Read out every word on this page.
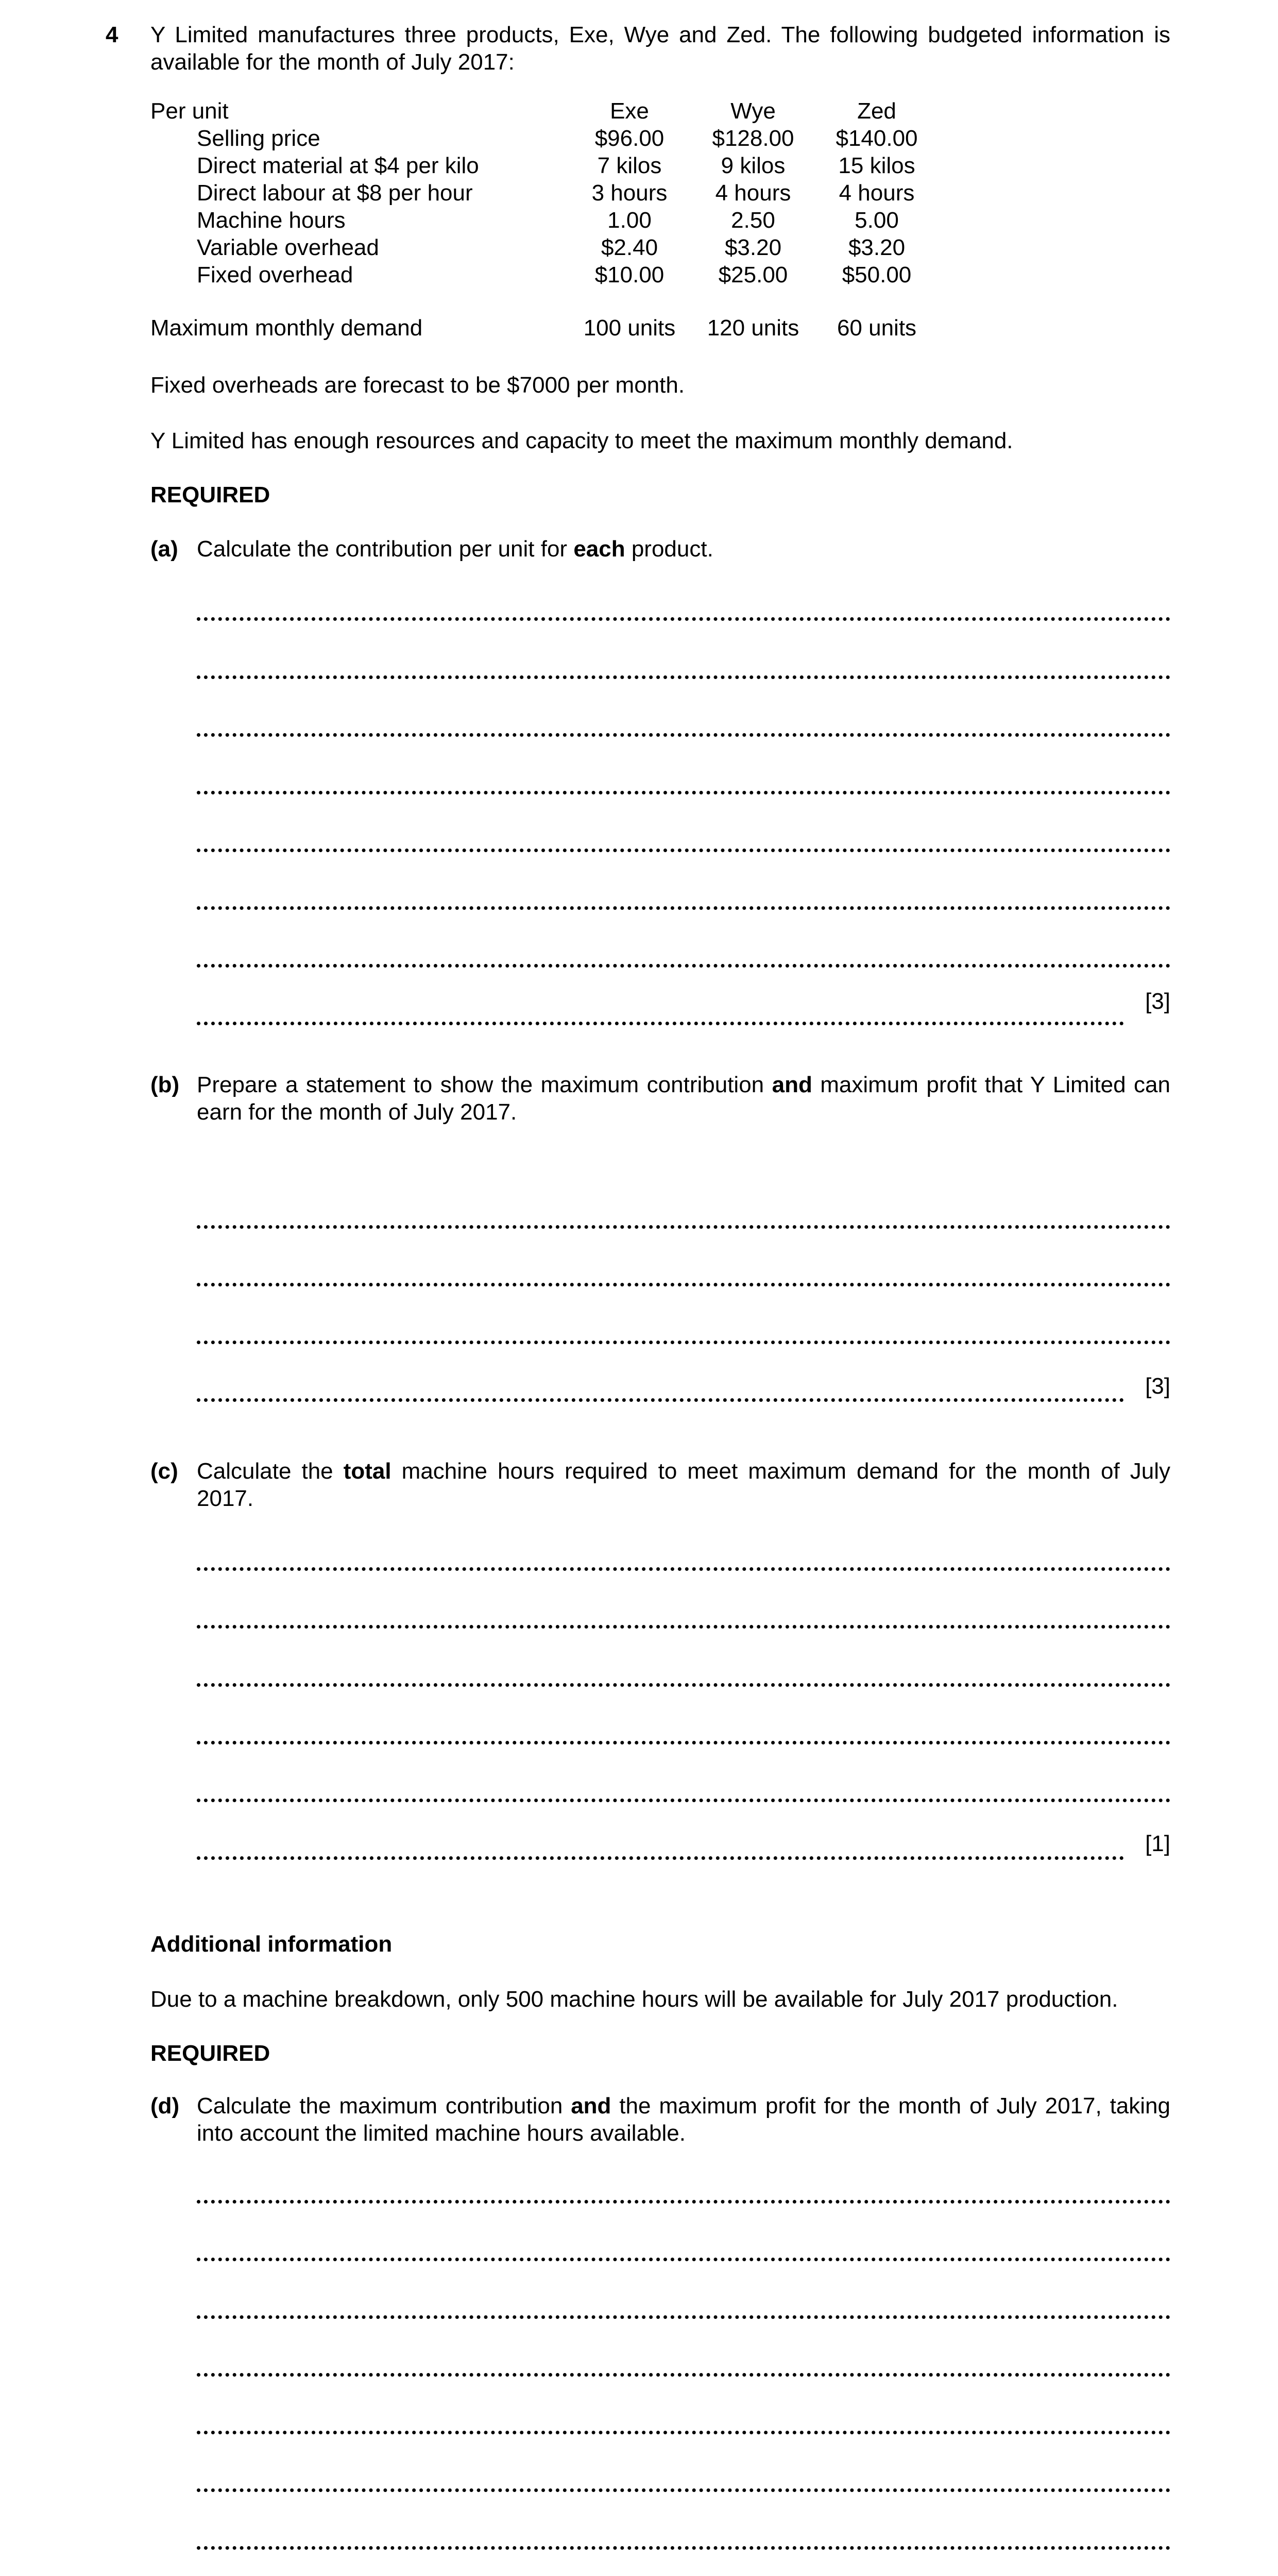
4 Y Limited manufactures three products, Exe, Wye and Zed. The following budgeted information is available for the month of July 2017:
Per unit	Exe	Wye	Zed
Selling price	$96.00	$128.00	$140.00
Direct material at $4 per kilo	7 kilos	9 kilos	15 kilos
Direct labour at $8 per hour	3 hours	4 hours	4 hours
Machine hours	1.00	2.50	5.00
Variable overhead	$2.40	$3.20	$3.20
Fixed overhead	$10.00	$25.00	$50.00

Maximum monthly demand	100 units	120 units	60 units
Fixed overheads are forecast to be $7000 per month.
Y Limited has enough resources and capacity to meet the maximum monthly demand.
REQUIRED
(a) Calculate the contribution per unit for each product.
[3]
(b) Prepare a statement to show the maximum contribution and maximum profit that Y Limited can earn for the month of July 2017.
[3]
(c) Calculate the total machine hours required to meet maximum demand for the month of July 2017.
[1]
Additional information
Due to a machine breakdown, only 500 machine hours will be available for July 2017 production.
REQUIRED
(d) Calculate the maximum contribution and the maximum profit for the month of July 2017, taking into account the limited machine hours available.
